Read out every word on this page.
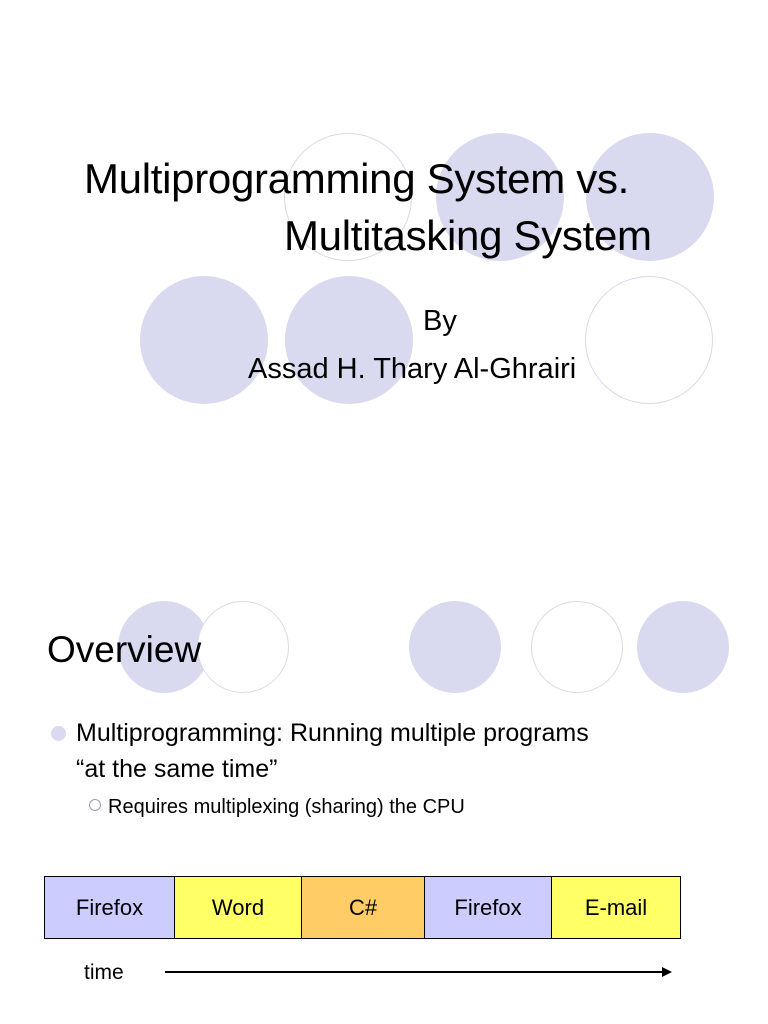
Multiprogramming System vs.
Multitasking System
By
Assad H. Thary Al-Ghrairi
Overview
Multiprogramming: Running multiple programs
“at the same time”
Requires multiplexing (sharing) the CPU
Firefox	Word	C#	Firefox	E-mail
time
